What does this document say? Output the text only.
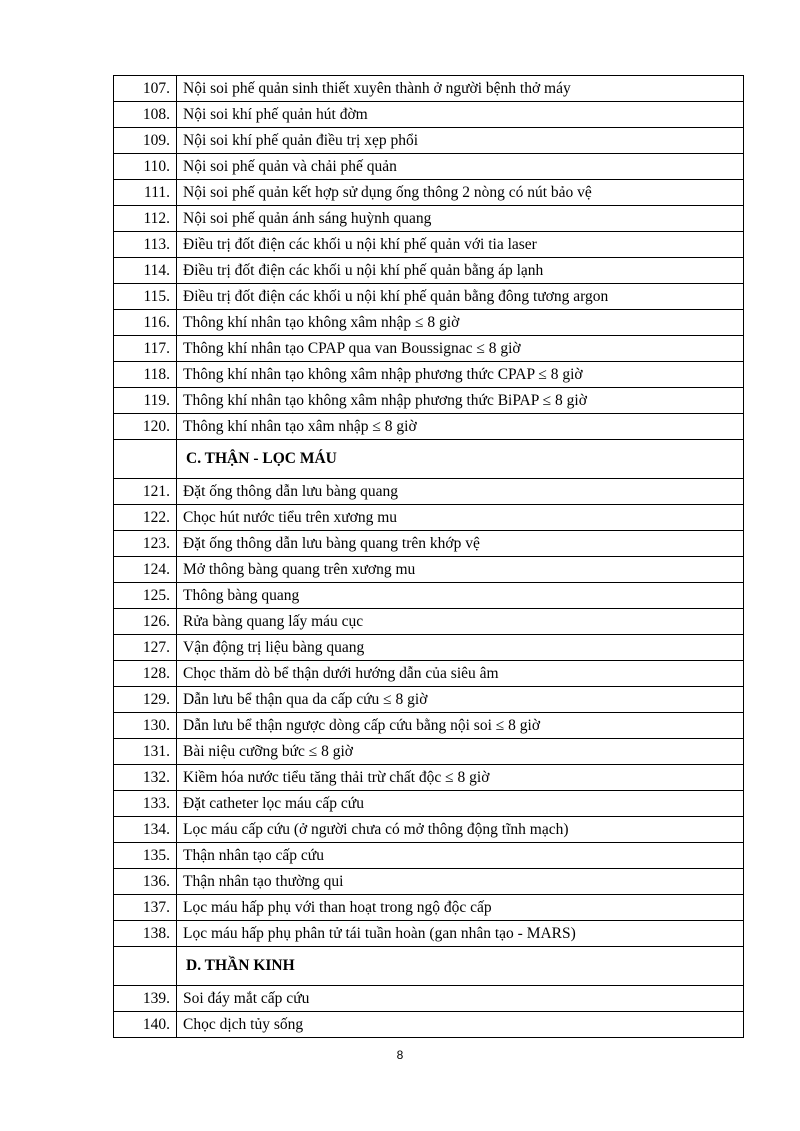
107.	Nội soi phế quản sinh thiết xuyên thành ở người bệnh thở máy
108.	Nội soi khí phế quản hút đờm
109.	Nội soi khí phế quản điều trị xẹp phổi
110.	Nội soi phế quản và chải phế quản
111.	Nội soi phế quản kết hợp sử dụng ống thông 2 nòng có nút bảo vệ
112.	Nội soi phế quản ánh sáng huỳnh quang
113.	Điều trị đốt điện các khối u nội khí phế quản với tia laser
114.	Điều trị đốt điện các khối u nội khí phế quản bằng áp lạnh
115.	Điều trị đốt điện các khối u nội khí phế quản bằng đông tương argon
116.	Thông khí nhân tạo không xâm nhập ≤ 8 giờ
117.	Thông khí nhân tạo CPAP qua van Boussignac ≤ 8 giờ
118.	Thông khí nhân tạo không xâm nhập phương thức CPAP ≤ 8 giờ
119.	Thông khí nhân tạo không xâm nhập phương thức BiPAP ≤ 8 giờ
120.	Thông khí nhân tạo xâm nhập ≤ 8 giờ
	C. THẬN - LỌC MÁU
121.	Đặt ống thông dẫn lưu bàng quang
122.	Chọc hút nước tiểu trên xương mu
123.	Đặt ống thông dẫn lưu bàng quang trên khớp vệ
124.	Mở thông bàng quang trên xương mu
125.	Thông bàng quang
126.	Rửa bàng quang lấy máu cục
127.	Vận động trị liệu bàng quang
128.	Chọc thăm dò bể thận dưới hướng dẫn của siêu âm
129.	Dẫn lưu bể thận qua da cấp cứu ≤ 8 giờ
130.	Dẫn lưu bể thận ngược dòng cấp cứu bằng nội soi ≤ 8 giờ
131.	Bài niệu cưỡng bức ≤ 8 giờ
132.	Kiềm hóa nước tiểu tăng thải trừ chất độc ≤ 8 giờ
133.	Đặt catheter lọc máu cấp cứu
134.	Lọc máu cấp cứu (ở người chưa có mở thông động tĩnh mạch)
135.	Thận nhân tạo cấp cứu
136.	Thận nhân tạo thường qui
137.	Lọc máu hấp phụ với than hoạt trong ngộ độc cấp
138.	Lọc máu hấp phụ phân tử tái tuần hoàn (gan nhân tạo - MARS)
	D. THẦN KINH
139.	Soi đáy mắt cấp cứu
140.	Chọc dịch tủy sống
8
